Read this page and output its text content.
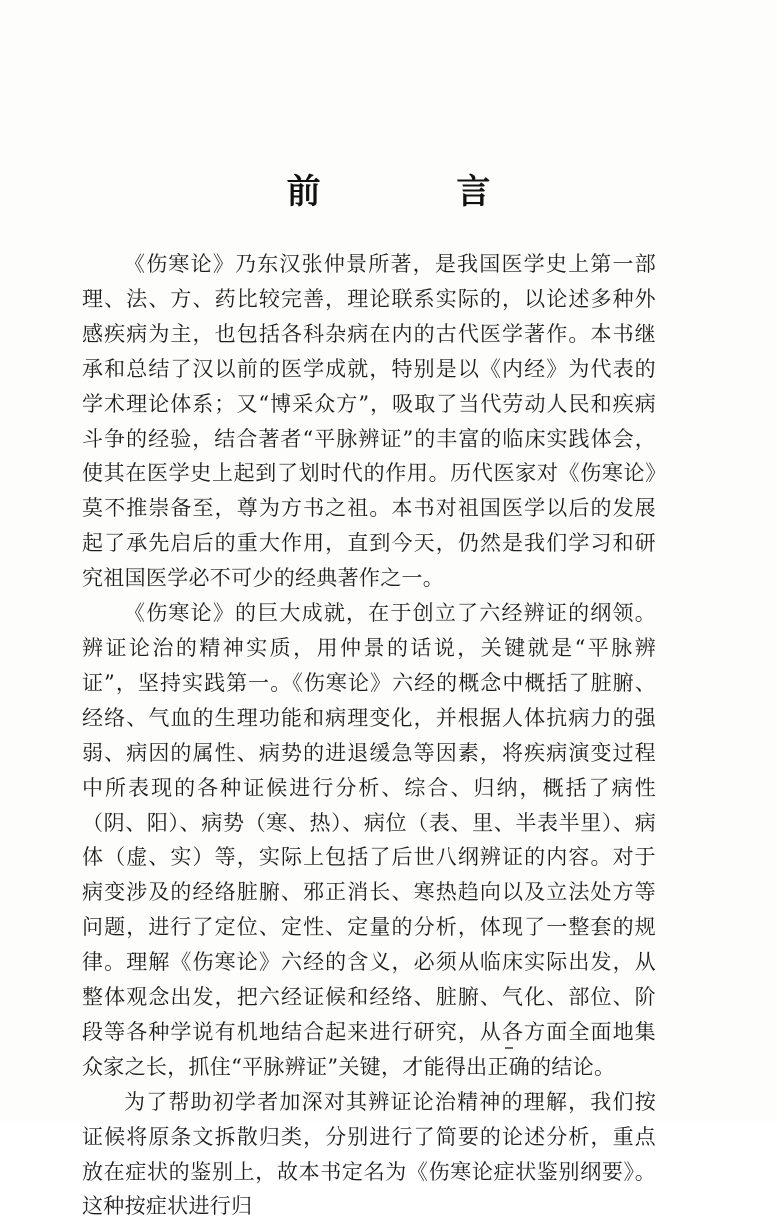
前 言

《伤寒论》乃东汉张仲景所著，是我国医学史上第一部理、法、方、药比较完善，理论联系实际的，以论述多种外感疾病为主，也包括各科杂病在内的古代医学著作。本书继承和总结了汉以前的医学成就，特别是以《内经》为代表的学术理论体系；又“博采众方”，吸取了当代劳动人民和疾病斗争的经验，结合著者“平脉辨证”的丰富的临床实践体会，使其在医学史上起到了划时代的作用。历代医家对《伤寒论》莫不推崇备至，尊为方书之祖。本书对祖国医学以后的发展起了承先启后的重大作用，直到今天，仍然是我们学习和研究祖国医学必不可少的经典著作之一。

《伤寒论》的巨大成就，在于创立了六经辨证的纲领。辨证论治的精神实质，用仲景的话说，关键就是“平脉辨证”，坚持实践第一。《伤寒论》六经的概念中概括了脏腑、经络、气血的生理功能和病理变化，并根据人体抗病力的强弱、病因的属性、病势的进退缓急等因素，将疾病演变过程中所表现的各种证候进行分析、综合、归纳，概括了病性（阴、阳）、病势（寒、热）、病位（表、里、半表半里）、病体（虚、实）等，实际上包括了后世八纲辨证的内容。对于病变涉及的经络脏腑、邪正消长、寒热趋向以及立法处方等问题，进行了定位、定性、定量的分析，体现了一整套的规律。理解《伤寒论》六经的含义，必须从临床实际出发，从整体观念出发，把六经证候和经络、脏腑、气化、部位、阶段等各种学说有机地结合起来进行研究，从各方面全面地集众家之长，抓住“平脉辨证”关键，才能得出正确的结论。

为了帮助初学者加深对其辨证论治精神的理解，我们按证候将原条文拆散归类，分别进行了简要的论述分析，重点放在症状的鉴别上，故本书定名为《伤寒论症状鉴别纲要》。这种按症状进行归
